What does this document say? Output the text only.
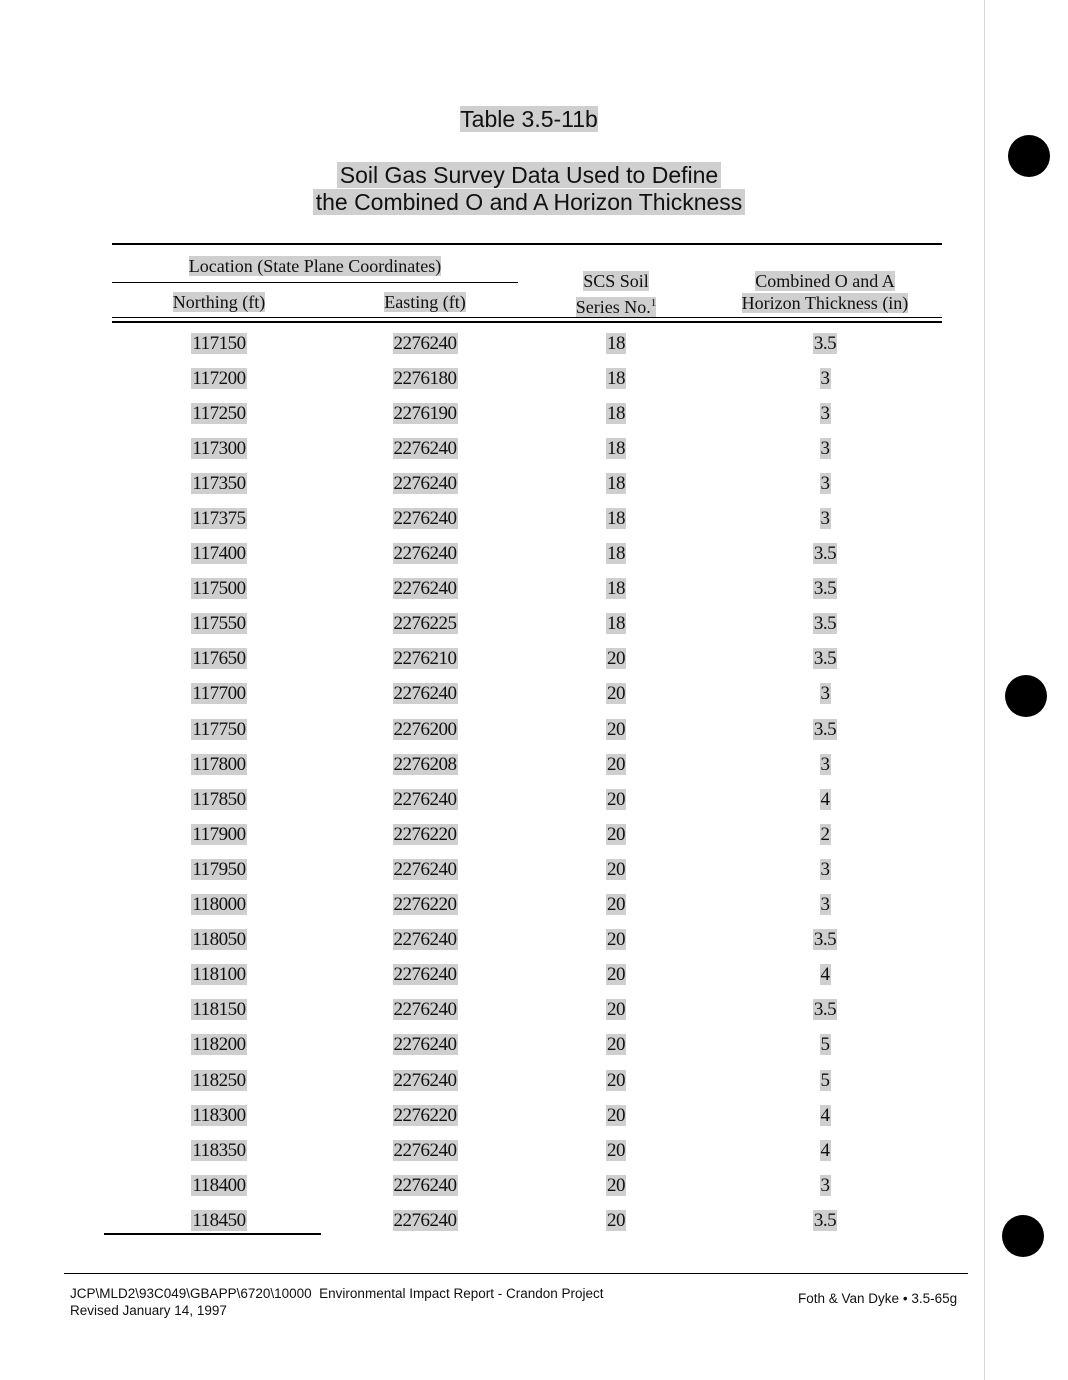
Table 3.5-11b
Soil Gas Survey Data Used to Define
the Combined O and A Horizon Thickness
Location (State Plane Coordinates)
Northing (ft)	Easting (ft)
SCS Soil
Series No.$^1$
Combined O and A
Horizon Thickness (in)
117150	2276240	18	3.5
117200	2276180	18	3
117250	2276190	18	3
117300	2276240	18	3
117350	2276240	18	3
117375	2276240	18	3
117400	2276240	18	3.5
117500	2276240	18	3.5
117550	2276225	18	3.5
117650	2276210	20	3.5
117700	2276240	20	3
117750	2276200	20	3.5
117800	2276208	20	3
117850	2276240	20	4
117900	2276220	20	2
117950	2276240	20	3
118000	2276220	20	3
118050	2276240	20	3.5
118100	2276240	20	4
118150	2276240	20	3.5
118200	2276240	20	5
118250	2276240	20	5
118300	2276220	20	4
118350	2276240	20	4
118400	2276240	20	3
118450	2276240	20	3.5
JCP\MLD2\93C049\GBAPP\6720\10000 Environmental Impact Report - Crandon Project
Revised January 14, 1997
Foth & Van Dyke • 3.5-65g
